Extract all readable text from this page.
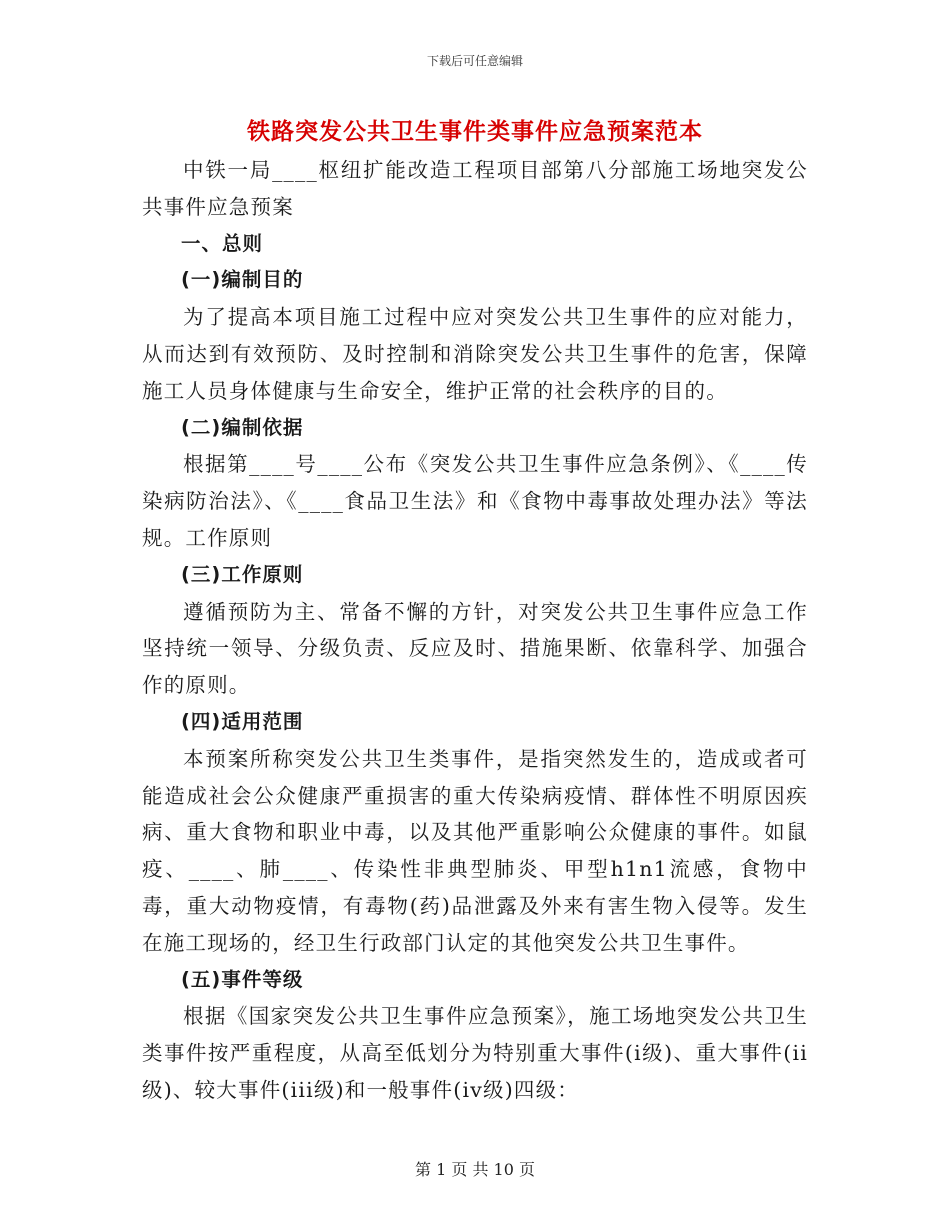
下载后可任意编辑
铁路突发公共卫生事件类事件应急预案范本

中铁一局____枢纽扩能改造工程项目部第八分部施工场地突发公共事件应急预案

一、总则

(一)编制目的

为了提高本项目施工过程中应对突发公共卫生事件的应对能力，从而达到有效预防、及时控制和消除突发公共卫生事件的危害，保障施工人员身体健康与生命安全，维护正常的社会秩序的目的。

(二)编制依据

根据第____号____公布《突发公共卫生事件应急条例》、《____传染病防治法》、《____食品卫生法》和《食物中毒事故处理办法》等法规。工作原则

(三)工作原则

遵循预防为主、常备不懈的方针，对突发公共卫生事件应急工作坚持统一领导、分级负责、反应及时、措施果断、依靠科学、加强合作的原则。

(四)适用范围

本预案所称突发公共卫生类事件，是指突然发生的，造成或者可能造成社会公众健康严重损害的重大传染病疫情、群体性不明原因疾病、重大食物和职业中毒，以及其他严重影响公众健康的事件。如鼠疫、____、肺____、传染性非典型肺炎、甲型h1n1流感，食物中毒，重大动物疫情，有毒物(药)品泄露及外来有害生物入侵等。发生在施工现场的，经卫生行政部门认定的其他突发公共卫生事件。

(五)事件等级

根据《国家突发公共卫生事件应急预案》，施工场地突发公共卫生类事件按严重程度，从高至低划分为特别重大事件(i级)、重大事件(ii级)、较大事件(iii级)和一般事件(iv级)四级：

第 1 页 共 10 页
